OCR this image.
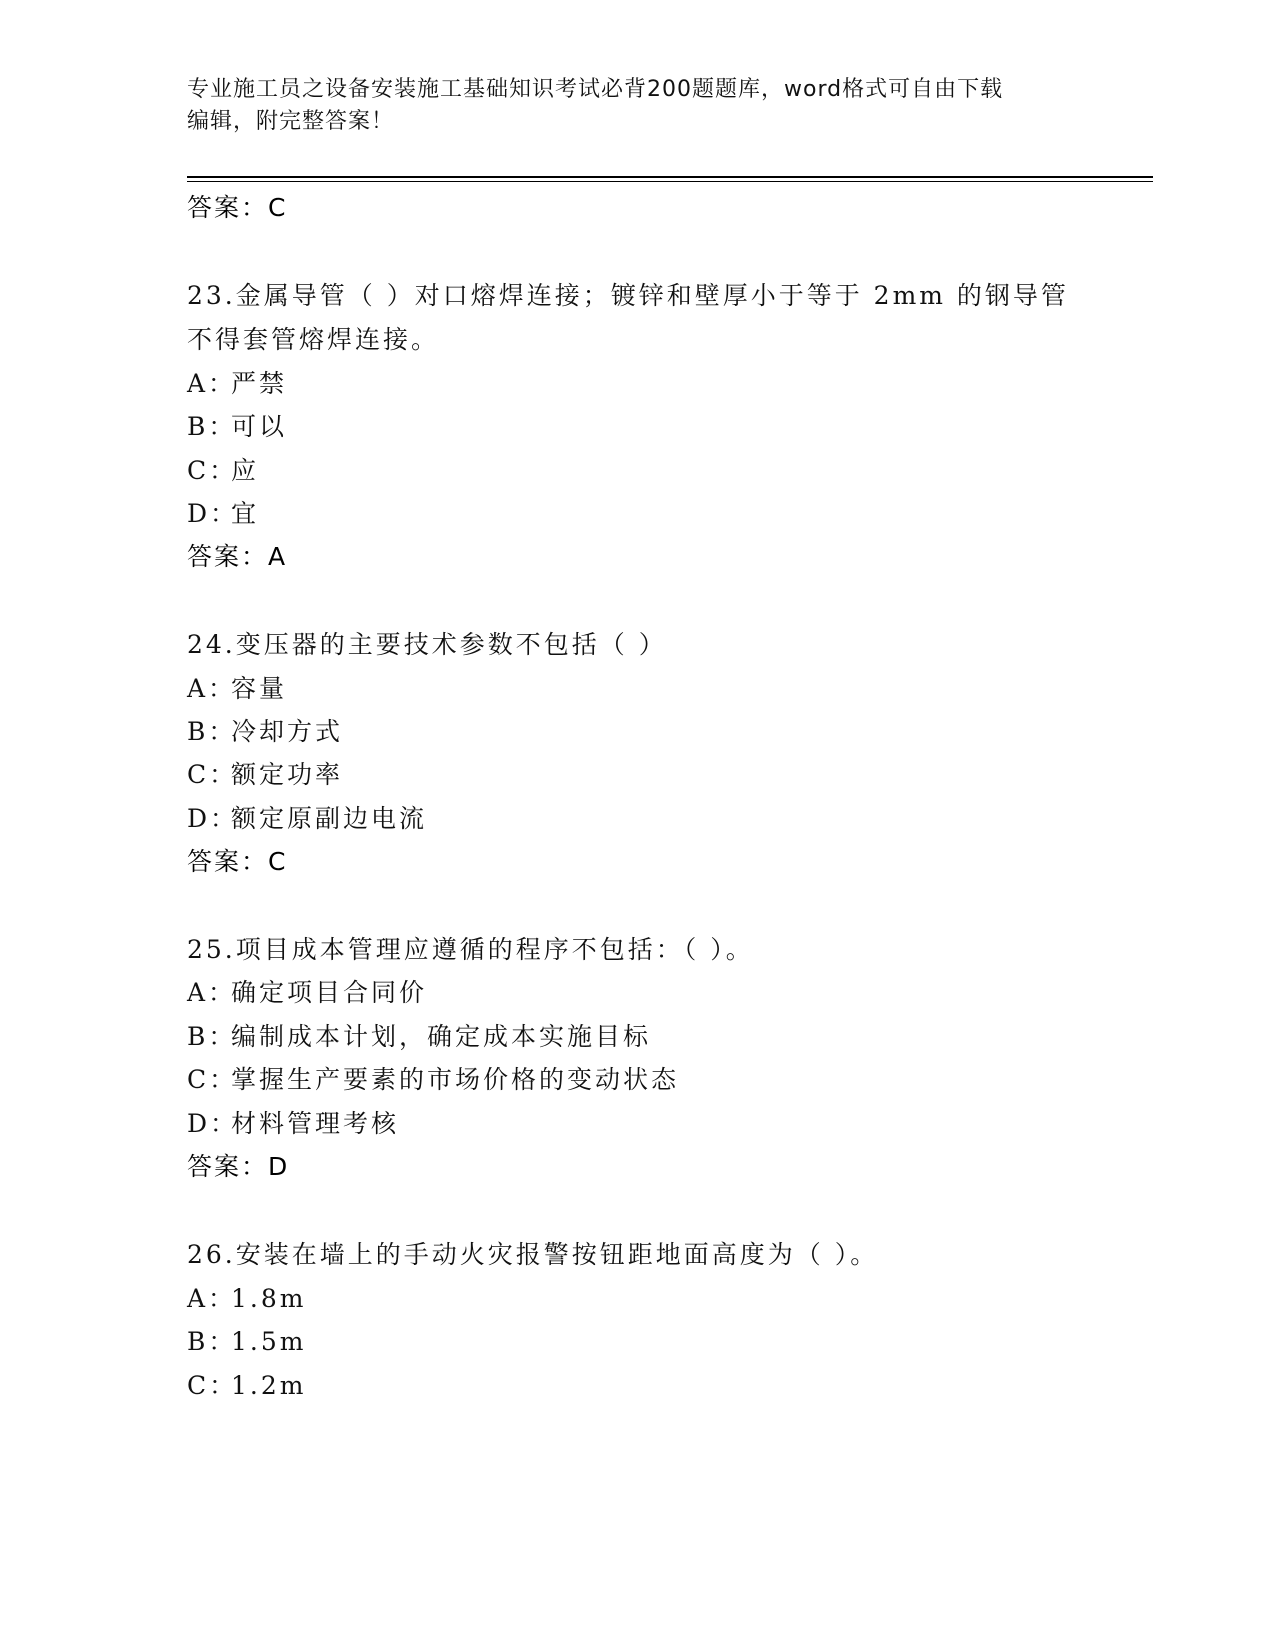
专业施工员之设备安装施工基础知识考试必背200题题库，word格式可自由下载
编辑，附完整答案！
答案：C
23.金属导管（ ）对口熔焊连接；镀锌和壁厚小于等于 2mm 的钢导管
不得套管熔焊连接。
A：严禁
B：可以
C：应
D：宜
答案：A
24.变压器的主要技术参数不包括（ ）
A：容量
B：冷却方式
C：额定功率
D：额定原副边电流
答案：C
25.项目成本管理应遵循的程序不包括：（ ）。
A：确定项目合同价
B：编制成本计划，确定成本实施目标
C：掌握生产要素的市场价格的变动状态
D：材料管理考核
答案：D
26.安装在墙上的手动火灾报警按钮距地面高度为（ ）。
A：1.8m
B：1.5m
C：1.2m
